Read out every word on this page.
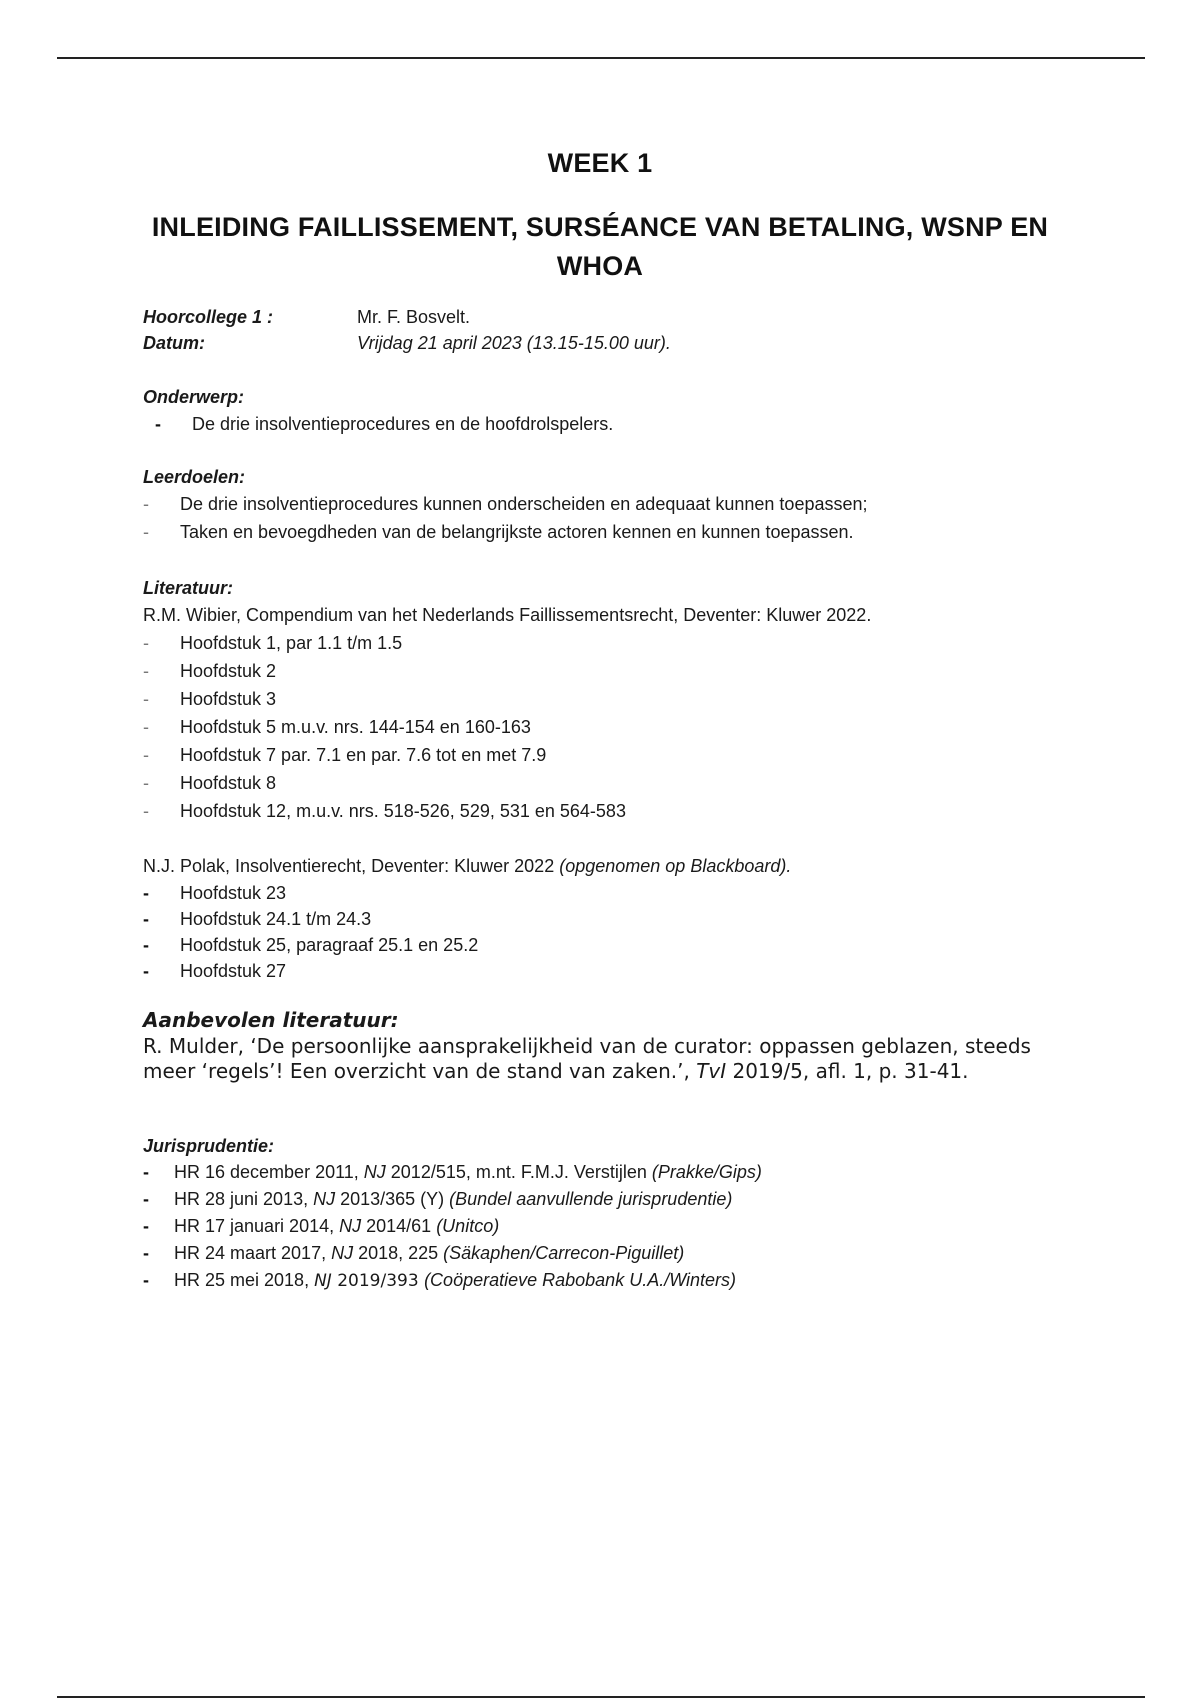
WEEK 1
INLEIDING FAILLISSEMENT, SURSÉANCE VAN BETALING, WSNP EN WHOA
Hoorcollege 1 :	Mr. F. Bosvelt.
Datum:	Vrijdag 21 april 2023 (13.15-15.00 uur).
Onderwerp:
- De drie insolventieprocedures en de hoofdrolspelers.
Leerdoelen:
- De drie insolventieprocedures kunnen onderscheiden en adequaat kunnen toepassen;
- Taken en bevoegdheden van de belangrijkste actoren kennen en kunnen toepassen.
Literatuur:
R.M. Wibier, Compendium van het Nederlands Faillissementsrecht, Deventer: Kluwer 2022.
- Hoofdstuk 1, par 1.1 t/m 1.5
- Hoofdstuk 2
- Hoofdstuk 3
- Hoofdstuk 5 m.u.v. nrs. 144-154 en 160-163
- Hoofdstuk 7 par. 7.1 en par. 7.6 tot en met 7.9
- Hoofdstuk 8
- Hoofdstuk 12, m.u.v. nrs. 518-526, 529, 531 en 564-583
N.J. Polak, Insolventierecht, Deventer: Kluwer 2022 (opgenomen op Blackboard).
- Hoofdstuk 23
- Hoofdstuk 24.1 t/m 24.3
- Hoofdstuk 25, paragraaf 25.1 en 25.2
- Hoofdstuk 27
Aanbevolen literatuur:
R. Mulder, ‘De persoonlijke aansprakelijkheid van de curator: oppassen geblazen, steeds meer ‘regels’! Een overzicht van de stand van zaken.’, TvI 2019/5, afl. 1, p. 31-41.
Jurisprudentie:
- HR 16 december 2011, NJ 2012/515, m.nt. F.M.J. Verstijlen (Prakke/Gips)
- HR 28 juni 2013, NJ 2013/365 (Y) (Bundel aanvullende jurisprudentie)
- HR 17 januari 2014, NJ 2014/61 (Unitco)
- HR 24 maart 2017, NJ 2018, 225 (Säkaphen/Carrecon-Piguillet)
- HR 25 mei 2018, NJ 2019/393 (Coöperatieve Rabobank U.A./Winters)
